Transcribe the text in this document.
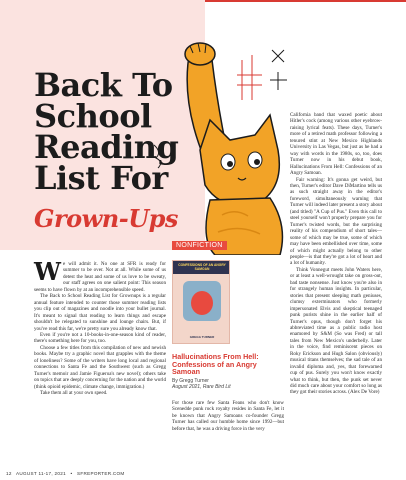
Back To
School
Reading
List For
Grown-Ups
NONFICTION

We will admit it. No one at SFR is ready for summer to be over. Not at all. While some of us detest the heat and some of us love to be sweaty, our staff agrees on one salient point: This season seems to have flown by at an incomprehensible speed.

The Back to School Reading List for Grownups is a regular annual feature intended to counter those summer reading lists you clip out of magazines and noodle into your bullet journal. It's meant to signal that reading to learn things and escape shouldn't be relegated to sunshine and lounge chairs. But, if you've read this far, we're pretty sure you already know that.

Even if you're not a 10-books-in-one-season kind of reader, there's something here for you, too.

Choose a few titles from this compilation of new and newish books. Maybe try a graphic novel that grapples with the theme of loneliness? Some of the writers have long local and regional connections to Santa Fe and the Southwest (such as Gregg Turner's memoir and Jamie Figueroa's new novel); others take on topics that are deeply concerning for the nation and the world (think opioid epidemic, climate change, immigration.)

Take them all at your own speed.

CONFESSIONS OF AN ANGRY SAMOAN
GREGG TURNER
Hallucinations From Hell: Confessions of an Angry Samoan
By Gregg Turner
August 2021, Rare Bird Lit

For those rare few Santa Feans who don't know Scenedde punk rock royalty resides in Santa Fe, let it be known that Angry Samoans co-founder Gregg Turner has called our humble home since 1992—but before that, he was a driving force in the very

California band that waxed poetic about Hitler's cock (among various other eyebrow-raising lyrical feats). These days, Turner's more of a retired math professor following a tenured stint at New Mexico Highlands University in Las Vegas, but just as he had a way with words in the 1980s, so, too, does Turner now in his debut book, Hallucinations From Hell: Confessions of an Angry Samoan.

Fair warning: It's gonna get weird, but then, Turner's editor Dave DiMartino tells us as such straight away in the editor's foreword, simultaneously warning that Turner will indeed later present a story about (and titled) "A Cup of Pus." Even this call to steel yourself won't properly prepare you for Turner's twisted words, but the surprising reality of his compendium of short tales—some of which may be true, some of which may have been embellished over time, some of which might actually belong to other people—is that they're got a lot of heart and a lot of humanity.

Think Vonnegut meets John Waters here, or at least a well-wrought take on gross-out, bad taste nonsense. Just know you're also in for strangely human insights. In particular, stories that present sleeping math geniuses, clumsy exterminators who formerly impersonated Elvis and skeptical teenaged punk purists shine in the earlier half of Turner's opus, though don't forget his abbreviated time as a public radio host enamored by S&M (So was Fred) or tall tales from New Mexico's underbelly. Later in the voice, find reminiscent pieces on Roky Erickson and Hugh Salon (obviously) musical titans themselves; the sad tale of an invalid diploma and, yes, that forewarned cup of pus. Surely you won't know exactly what to think, but then, the punk set never did much care about your comfort so long as they got their stories across. (Alex De Vore)

12 AUGUST 11-17, 2021 • SFREPORTER.COM
